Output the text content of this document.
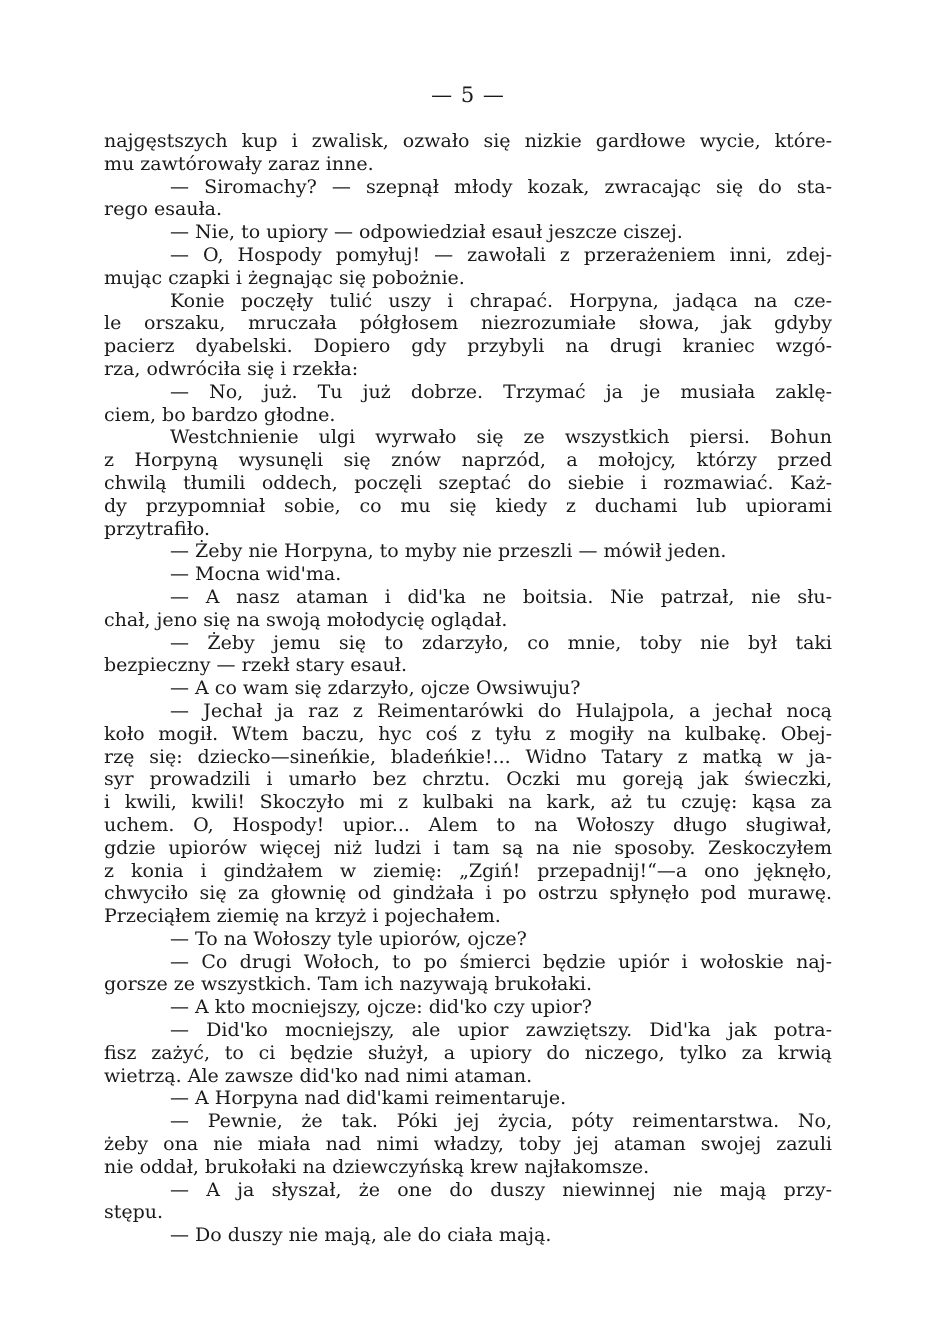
— 5 —
najgęstszych kup i zwalisk, ozwało się nizkie gardłowe wycie, które-
mu zawtórowały zaraz inne.
— Siromachy? — szepnął młody kozak, zwracając się do sta-
rego esauła.
— Nie, to upiory — odpowiedział esauł jeszcze ciszej.
— O, Hospody pomyłuj! — zawołali z przerażeniem inni, zdej-
mując czapki i żegnając się pobożnie.
Konie poczęły tulić uszy i chrapać. Horpyna, jadąca na cze-
le orszaku, mruczała półgłosem niezrozumiałe słowa, jak gdyby
pacierz dyabelski. Dopiero gdy przybyli na drugi kraniec wzgó-
rza, odwróciła się i rzekła:
— No, już. Tu już dobrze. Trzymać ja je musiała zaklę-
ciem, bo bardzo głodne.
Westchnienie ulgi wyrwało się ze wszystkich piersi. Bohun
z Horpyną wysunęli się znów naprzód, a mołojcy, którzy przed
chwilą tłumili oddech, poczęli szeptać do siebie i rozmawiać. Każ-
dy przypomniał sobie, co mu się kiedy z duchami lub upiorami
przytrafiło.
— Żeby nie Horpyna, to myby nie przeszli — mówił jeden.
— Mocna wid'ma.
— A nasz ataman i did'ka ne boitsia. Nie patrzał, nie słu-
chał, jeno się na swoją mołodycię oglądał.
— Żeby jemu się to zdarzyło, co mnie, toby nie był taki
bezpieczny — rzekł stary esauł.
— A co wam się zdarzyło, ojcze Owsiwuju?
— Jechał ja raz z Reimentarówki do Hulajpola, a jechał nocą
koło mogił. Wtem baczu, hyc coś z tyłu z mogiły na kulbakę. Obej-
rzę się: dziecko—sineńkie, bladeńkie!... Widno Tatary z matką w ja-
syr prowadzili i umarło bez chrztu. Oczki mu goreją jak świeczki,
i kwili, kwili! Skoczyło mi z kulbaki na kark, aż tu czuję: kąsa za
uchem. O, Hospody! upior... Alem to na Wołoszy długo sługiwał,
gdzie upiorów więcej niż ludzi i tam są na nie sposoby. Zeskoczyłem
z konia i gindżałem w ziemię: „Zgiń! przepadnij!“—a ono jęknęło,
chwyciło się za głownię od gindżała i po ostrzu spłynęło pod murawę.
Przeciąłem ziemię na krzyż i pojechałem.
— To na Wołoszy tyle upiorów, ojcze?
— Co drugi Wołoch, to po śmierci będzie upiór i wołoskie naj-
gorsze ze wszystkich. Tam ich nazywają brukołaki.
— A kto mocniejszy, ojcze: did'ko czy upior?
— Did'ko mocniejszy, ale upior zawziętszy. Did'ka jak potra-
fisz zażyć, to ci będzie służył, a upiory do niczego, tylko za krwią
wietrzą. Ale zawsze did'ko nad nimi ataman.
— A Horpyna nad did'kami reimentaruje.
— Pewnie, że tak. Póki jej życia, póty reimentarstwa. No,
żeby ona nie miała nad nimi władzy, toby jej ataman swojej zazuli
nie oddał, brukołaki na dziewczyńską krew najłakomsze.
— A ja słyszał, że one do duszy niewinnej nie mają przy-
stępu.
— Do duszy nie mają, ale do ciała mają.
